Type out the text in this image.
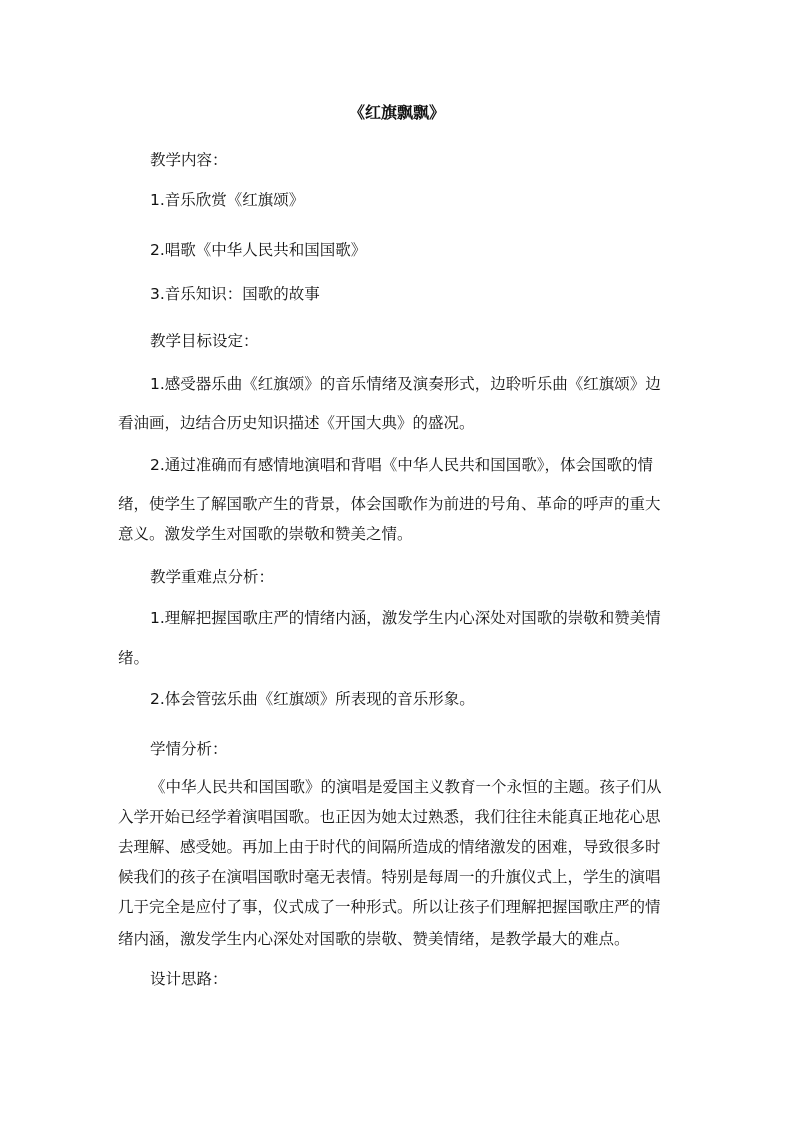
《红旗飘飘》
教学内容：
1.音乐欣赏《红旗颂》
2.唱歌《中华人民共和国国歌》
3.音乐知识：国歌的故事
教学目标设定：
1.感受器乐曲《红旗颂》的音乐情绪及演奏形式，边聆听乐曲《红旗颂》边
看油画，边结合历史知识描述《开国大典》的盛况。
2.通过准确而有感情地演唱和背唱《中华人民共和国国歌》，体会国歌的情
绪，使学生了解国歌产生的背景，体会国歌作为前进的号角、革命的呼声的重大
意义。激发学生对国歌的崇敬和赞美之情。
教学重难点分析：
1.理解把握国歌庄严的情绪内涵，激发学生内心深处对国歌的崇敬和赞美情
绪。
2.体会管弦乐曲《红旗颂》所表现的音乐形象。
学情分析：
《中华人民共和国国歌》的演唱是爱国主义教育一个永恒的主题。孩子们从
入学开始已经学着演唱国歌。也正因为她太过熟悉，我们往往未能真正地花心思
去理解、感受她。再加上由于时代的间隔所造成的情绪激发的困难，导致很多时
候我们的孩子在演唱国歌时毫无表情。特别是每周一的升旗仪式上，学生的演唱
几于完全是应付了事，仪式成了一种形式。所以让孩子们理解把握国歌庄严的情
绪内涵，激发学生内心深处对国歌的崇敬、赞美情绪，是教学最大的难点。
设计思路：
